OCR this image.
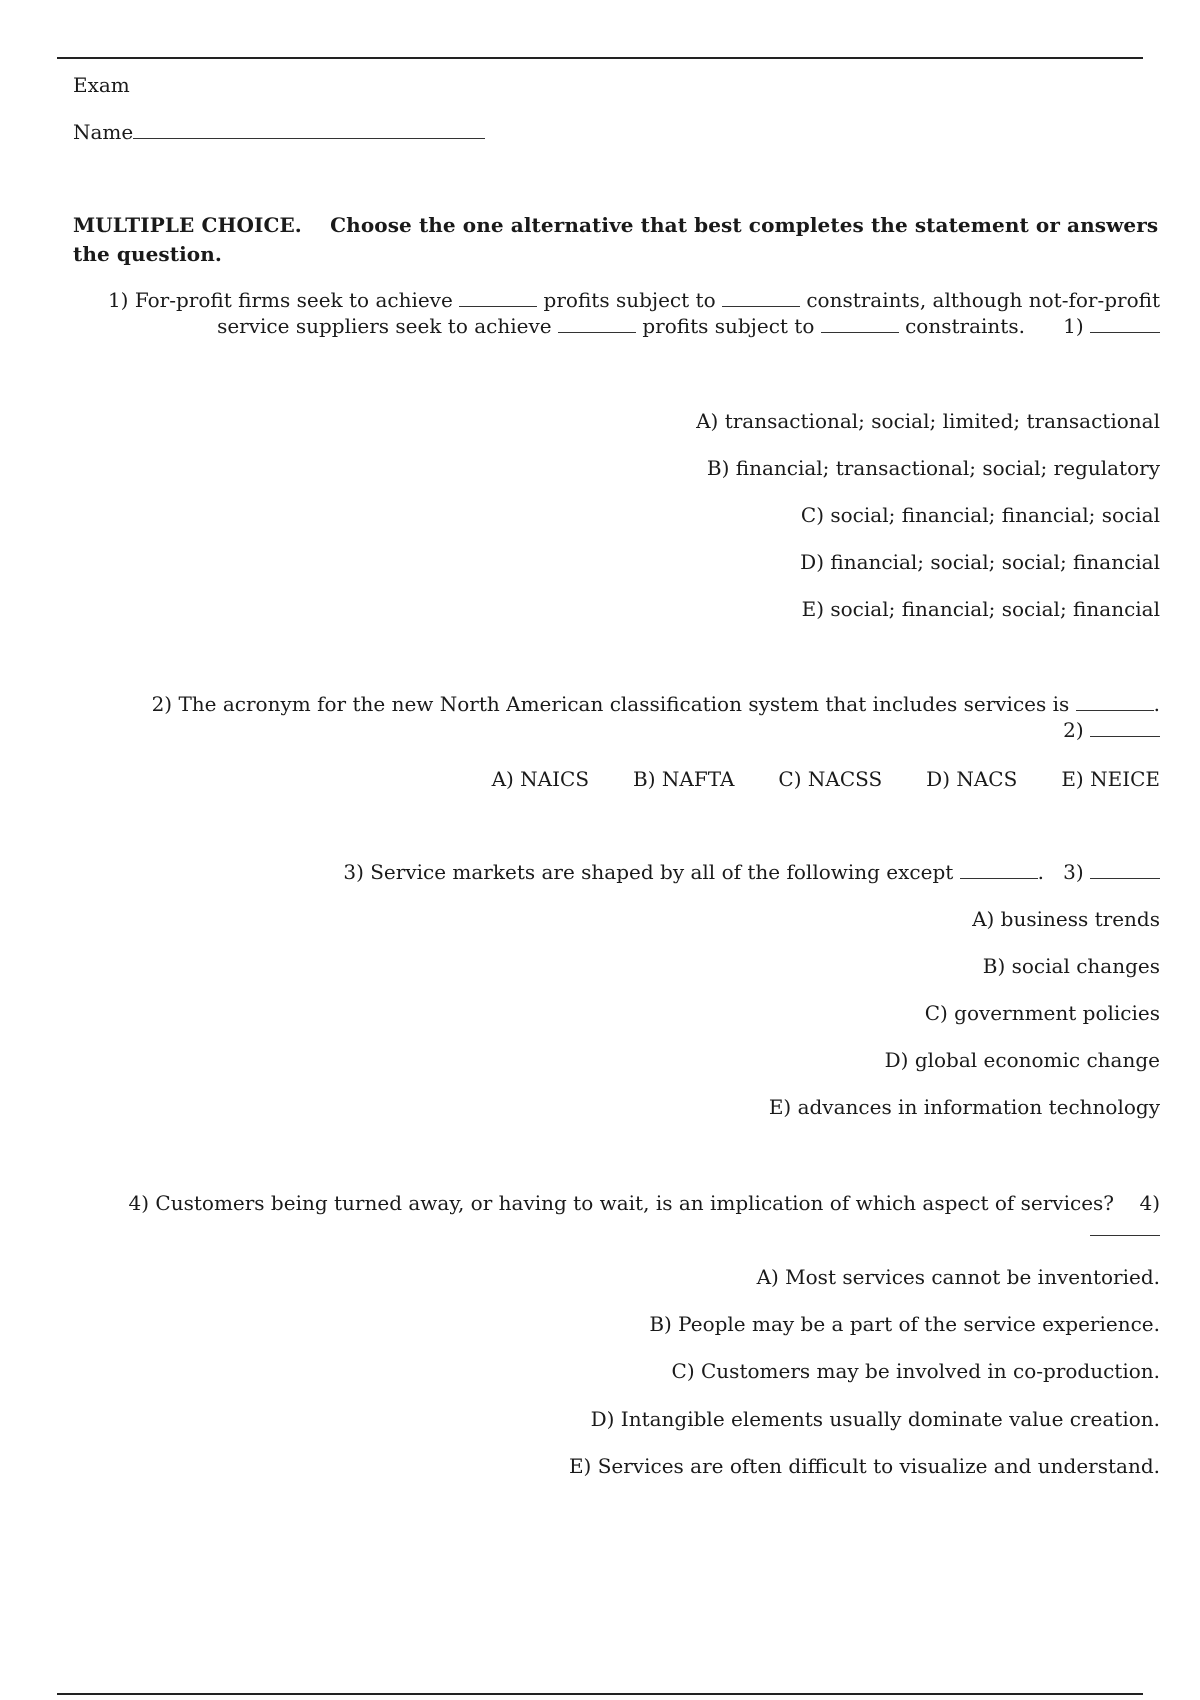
Exam
Name
MULTIPLE CHOICE. Choose the one alternative that best completes the statement or answers the question.
1) For-profit firms seek to achieve	profits subject to	constraints, although not-for-profit
service suppliers seek to achieve	profits subject to	constraints. 1)
A) transactional; social; limited; transactional
B) financial; transactional; social; regulatory
C) social; financial; financial; social
D) financial; social; social; financial
E) social; financial; social; financial
2) The acronym for the new North American classification system that includes services is	.
2)
A) NAICS B) NAFTA C) NACSS D) NACS E) NEICE
3) Service markets are shaped by all of the following except	.   3)
A) business trends
B) social changes
C) government policies
D) global economic change
E) advances in information technology
4) Customers being turned away, or having to wait, is an implication of which aspect of services? 4)
A) Most services cannot be inventoried.
B) People may be a part of the service experience.
C) Customers may be involved in co-production.
D) Intangible elements usually dominate value creation.
E) Services are often difficult to visualize and understand.
